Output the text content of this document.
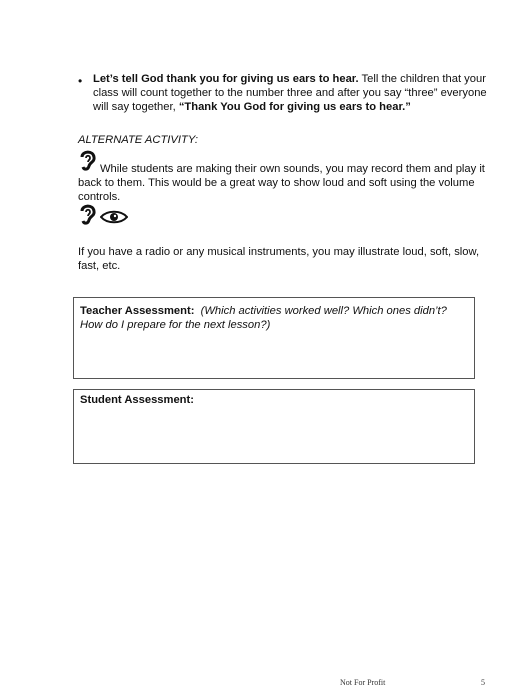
• Let’s tell God thank you for giving us ears to hear. Tell the children that your class will count together to the number three and after you say “three” everyone will say together, “Thank You God for giving us ears to hear.”
ALTERNATE ACTIVITY:

While students are making their own sounds, you may record them and play it back to them. This would be a great way to show loud and soft using the volume controls.
If you have a radio or any musical instruments, you may illustrate loud, soft, slow, fast, etc.
Teacher Assessment: (Which activities worked well? Which ones didn’t? How do I prepare for the next lesson?)
Student Assessment:
Not For Profit	5
